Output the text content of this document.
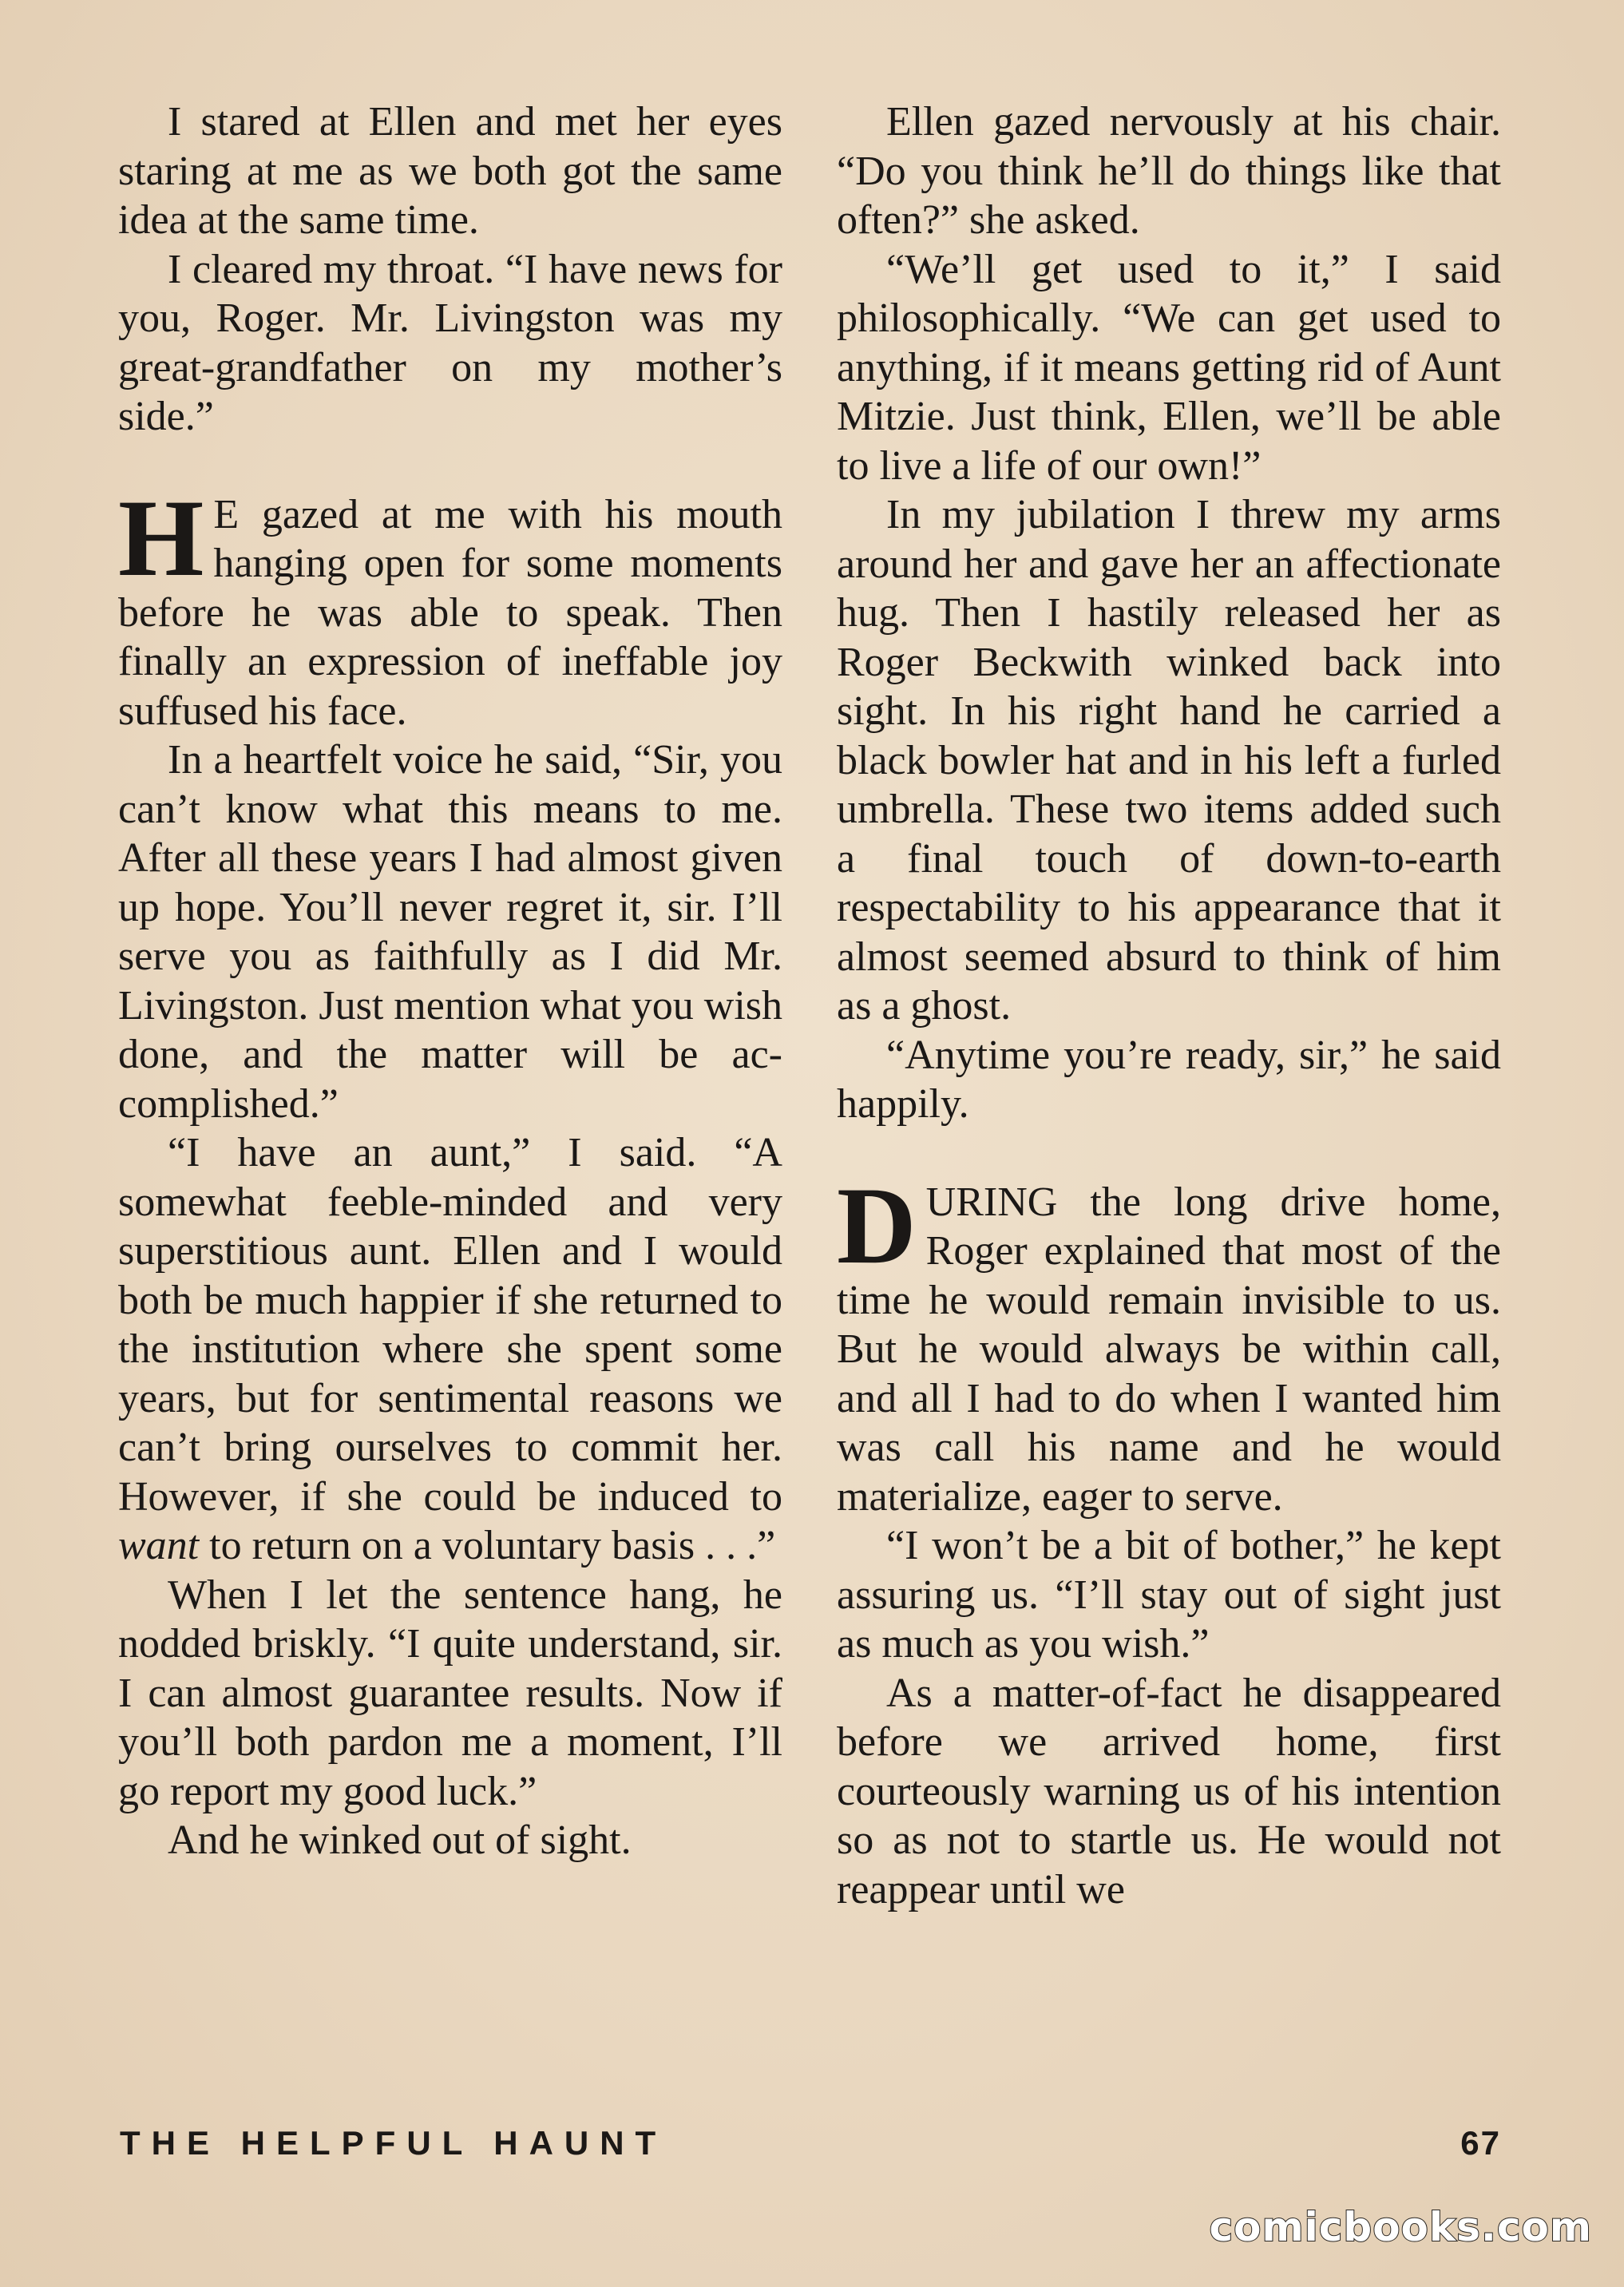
I stared at Ellen and met her eyes staring at me as we both got the same idea at the same time.

I cleared my throat. “I have news for you, Roger. Mr. Livingston was my great-grandfather on my mother’s side.”

H E gazed at me with his mouth hanging open for some moments before he was able to speak. Then finally an expression of ineffable joy suffused his face.

In a heartfelt voice he said, “Sir, you can’t know what this means to me. After all these years I had almost given up hope. You’ll never regret it, sir. I’ll serve you as faithfully as I did Mr. Livingston. Just mention what you wish done, and the matter will be accomplished.”

“I have an aunt,” I said. “A somewhat feeble-minded and very superstitious aunt. Ellen and I would both be much happier if she returned to the institution where she spent some years, but for sentimental reasons we can’t bring ourselves to commit her. However, if she could be induced to want to return on a voluntary basis . . .”

When I let the sentence hang, he nodded briskly. “I quite understand, sir. I can almost guarantee results. Now if you’ll both pardon me a moment, I’ll go report my good luck.”

And he winked out of sight.

Ellen gazed nervously at his chair. “Do you think he’ll do things like that often?” she asked.

“We’ll get used to it,” I said philosophically. “We can get used to anything, if it means getting rid of Aunt Mitzie. Just think, Ellen, we’ll be able to live a life of our own!”

In my jubilation I threw my arms around her and gave her an affectionate hug. Then I hastily released her as Roger Beckwith winked back into sight. In his right hand he carried a black bowler hat and in his left a furled umbrella. These two items added such a final touch of down-to-earth respectability to his appearance that it almost seemed absurd to think of him as a ghost.

“Anytime you’re ready, sir,” he said happily.

DURING the long drive home, Roger explained that most of the time he would remain invisible to us. But he would always be within call, and all I had to do when I wanted him was call his name and he would materialize, eager to serve.

“I won’t be a bit of bother,” he kept assuring us. “I’ll stay out of sight just as much as you wish.”

As a matter-of-fact he disappeared before we arrived home, first courteously warning us of his intention so as not to startle us. He would not reappear until we

THE HELPFUL HAUNT	67
comicbooks.com
